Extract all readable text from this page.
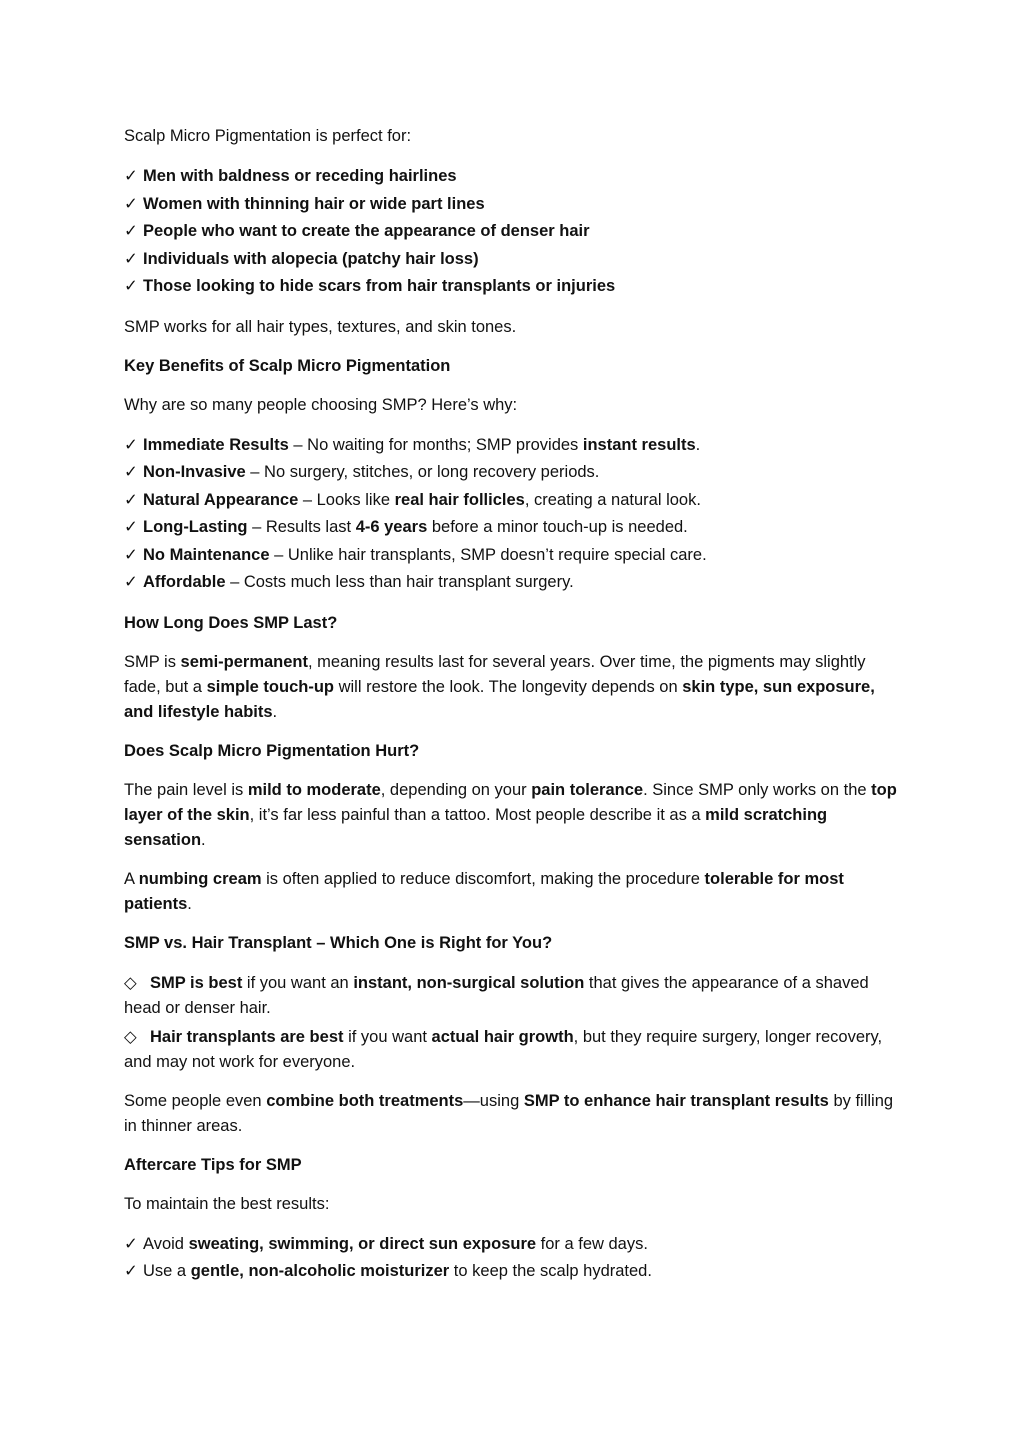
Scalp Micro Pigmentation is perfect for:

✓ Men with baldness or receding hairlines

✓ Women with thinning hair or wide part lines

✓ People who want to create the appearance of denser hair

✓ Individuals with alopecia (patchy hair loss)

✓ Those looking to hide scars from hair transplants or injuries

SMP works for all hair types, textures, and skin tones.

Key Benefits of Scalp Micro Pigmentation

Why are so many people choosing SMP? Here’s why:

✓ Immediate Results – No waiting for months; SMP provides instant results.

✓ Non-Invasive – No surgery, stitches, or long recovery periods.

✓ Natural Appearance – Looks like real hair follicles, creating a natural look.

✓ Long-Lasting – Results last 4-6 years before a minor touch-up is needed.

✓ No Maintenance – Unlike hair transplants, SMP doesn’t require special care.

✓ Affordable – Costs much less than hair transplant surgery.

How Long Does SMP Last?

SMP is semi-permanent, meaning results last for several years. Over time, the pigments may slightly fade, but a simple touch-up will restore the look. The longevity depends on skin type, sun exposure, and lifestyle habits.

Does Scalp Micro Pigmentation Hurt?

The pain level is mild to moderate, depending on your pain tolerance. Since SMP only works on the top layer of the skin, it’s far less painful than a tattoo. Most people describe it as a mild scratching sensation.

A numbing cream is often applied to reduce discomfort, making the procedure tolerable for most patients.

SMP vs. Hair Transplant – Which One is Right for You?

◇ SMP is best if you want an instant, non-surgical solution that gives the appearance of a shaved head or denser hair.

◇ Hair transplants are best if you want actual hair growth, but they require surgery, longer recovery, and may not work for everyone.

Some people even combine both treatments—using SMP to enhance hair transplant results by filling in thinner areas.

Aftercare Tips for SMP

To maintain the best results:

✓ Avoid sweating, swimming, or direct sun exposure for a few days.

✓ Use a gentle, non-alcoholic moisturizer to keep the scalp hydrated.
